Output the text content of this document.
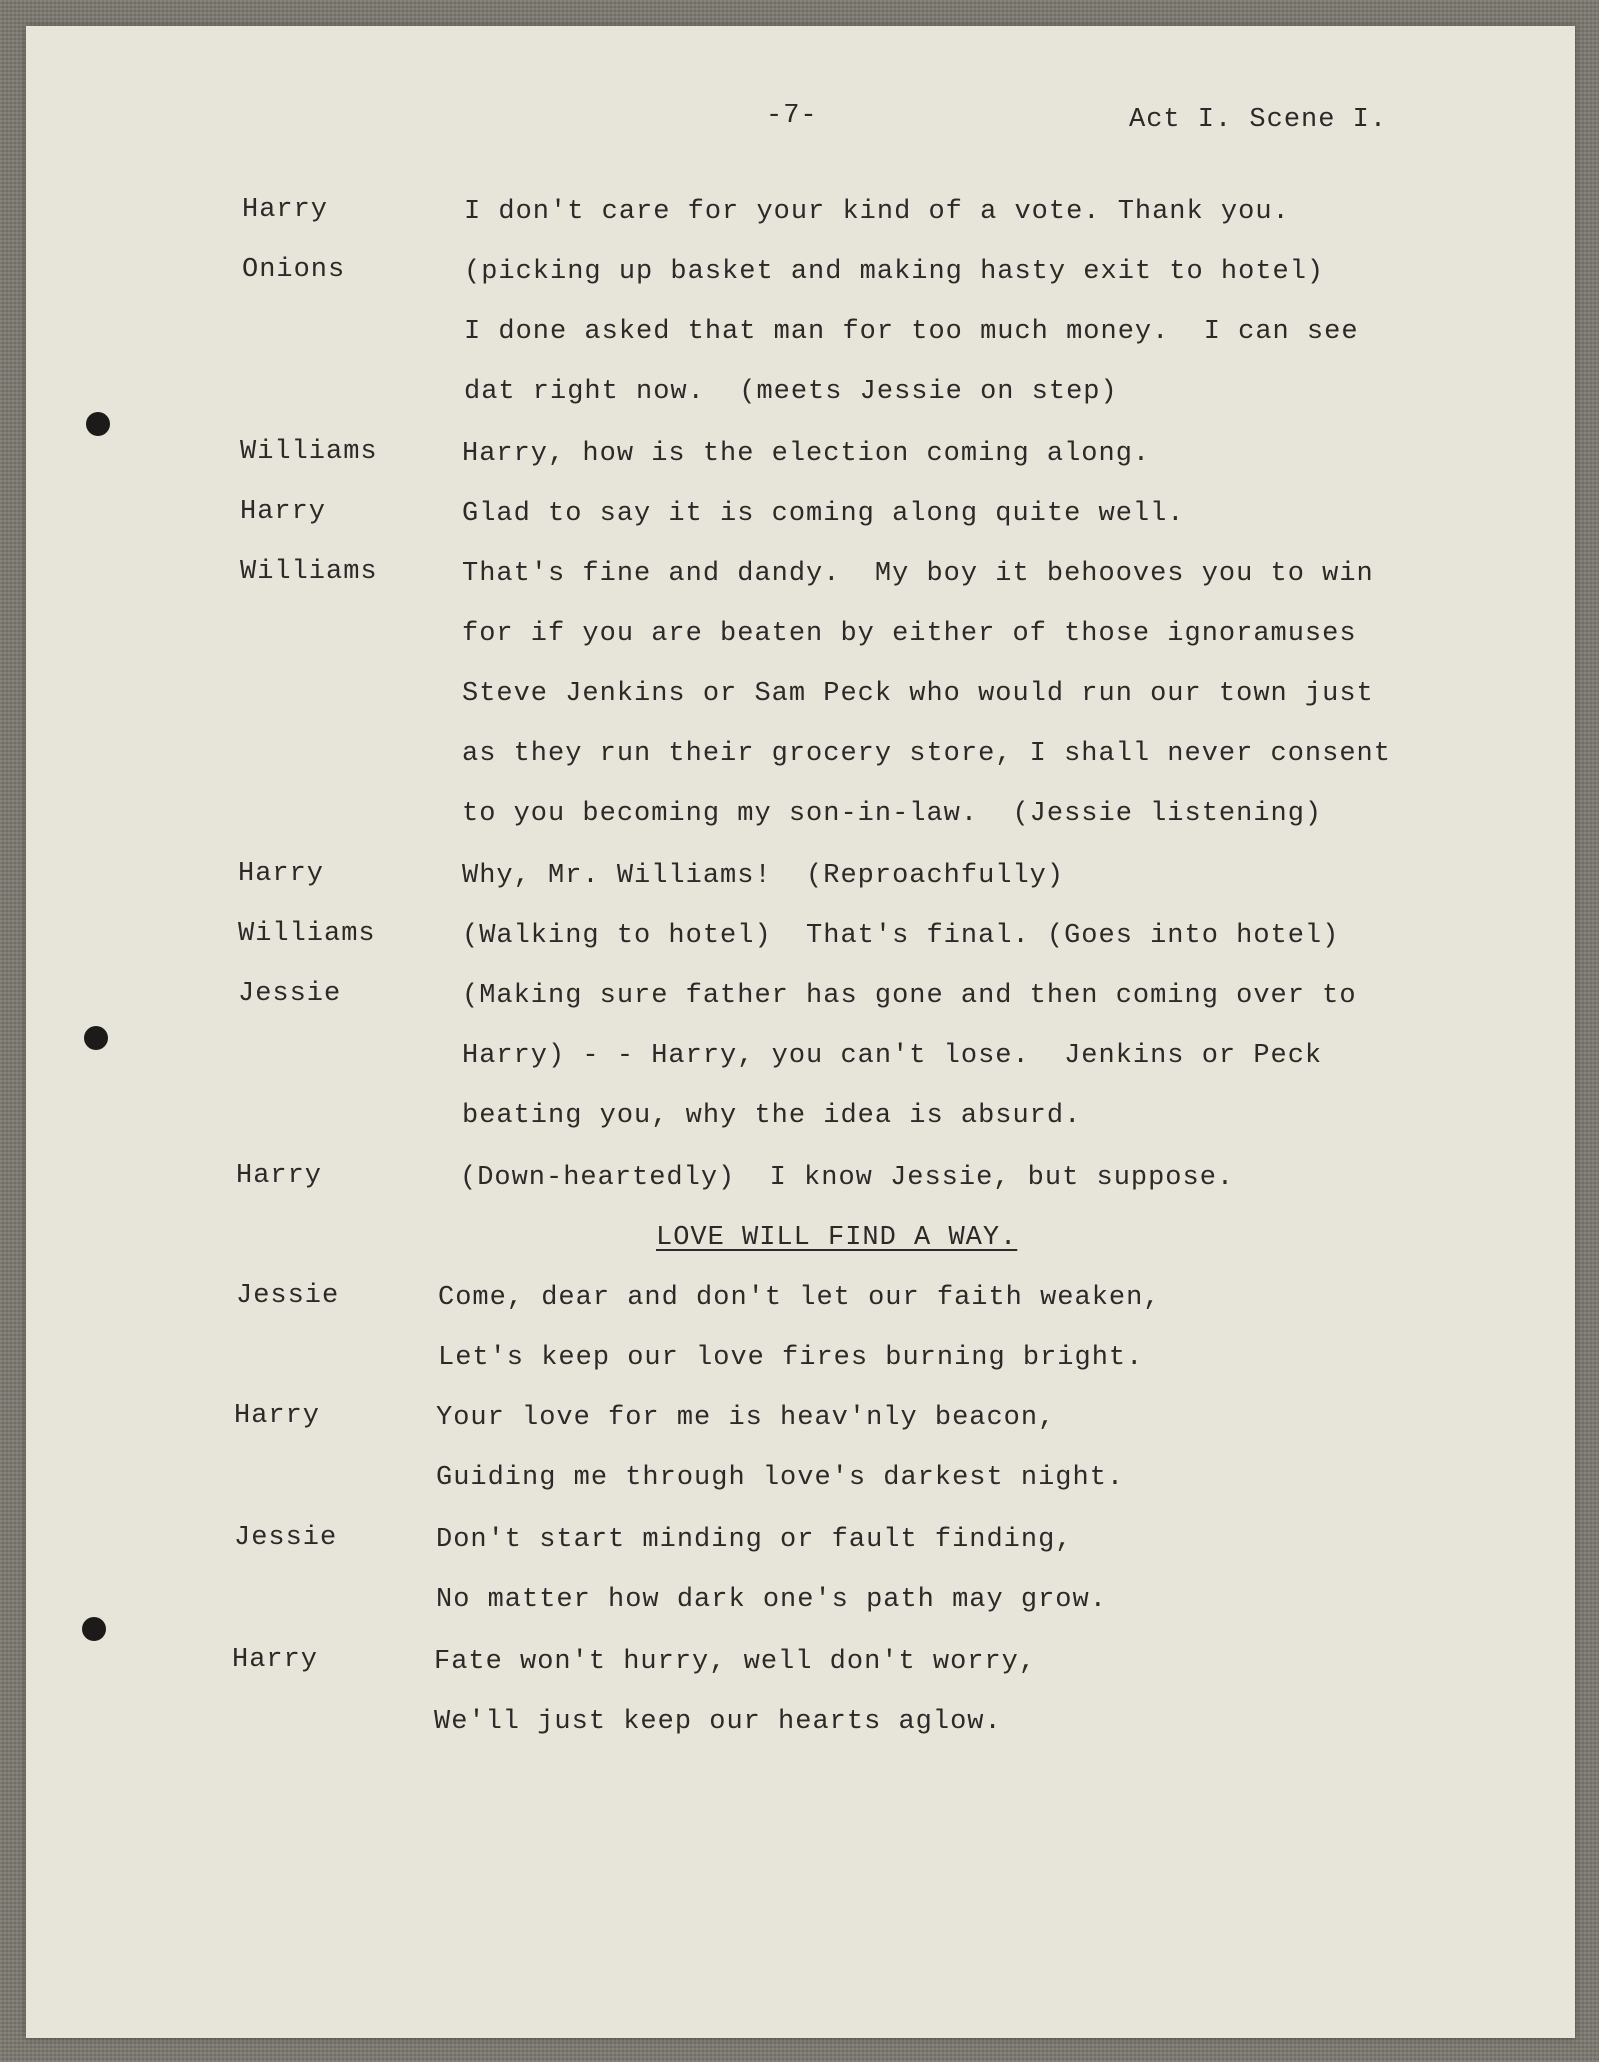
-7-	Act I. Scene I.
Harry	I don't care for your kind of a vote. Thank you.
Onions	(picking up basket and making hasty exit to hotel)
I done asked that man for too much money.  I can see
dat right now.  (meets Jessie on step)
Williams	Harry, how is the election coming along.
Harry	Glad to say it is coming along quite well.
Williams	That's fine and dandy.  My boy it behooves you to win
for if you are beaten by either of those ignoramuses
Steve Jenkins or Sam Peck who would run our town just
as they run their grocery store, I shall never consent
to you becoming my son-in-law.  (Jessie listening)
Harry	Why, Mr. Williams!  (Reproachfully)
Williams	(Walking to hotel)  That's final. (Goes into hotel)
Jessie	(Making sure father has gone and then coming over to
Harry) - - Harry, you can't lose.  Jenkins or Peck
beating you, why the idea is absurd.
Harry	(Down-heartedly)  I know Jessie, but suppose.
LOVE WILL FIND A WAY.
Jessie	Come, dear and don't let our faith weaken,
Let's keep our love fires burning bright.
Harry	Your love for me is heav'nly beacon,
Guiding me through love's darkest night.
Jessie	Don't start minding or fault finding,
No matter how dark one's path may grow.
Harry	Fate won't hurry, well don't worry,
We'll just keep our hearts aglow.
